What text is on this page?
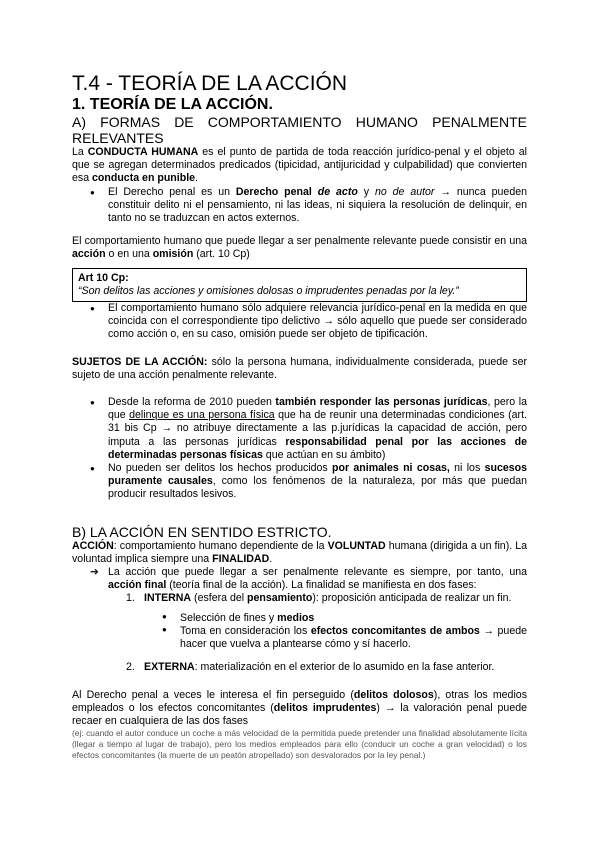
T.4 - TEORÍA DE LA ACCIÓN
1. TEORÍA DE LA ACCIÓN.
A) FORMAS DE COMPORTAMIENTO HUMANO PENALMENTE
RELEVANTES

La CONDUCTA HUMANA es el punto de partida de toda reacción jurídico-penal y el objeto al que se agregan determinados predicados (tipicidad, antijuricidad y culpabilidad) que convierten esa conducta en punible.

● El Derecho penal es un Derecho penal de acto y no de autor → nunca pueden constituir delito ni el pensamiento, ni las ideas, ni siquiera la resolución de delinquir, en tanto no se traduzcan en actos externos.

El comportamiento humano que puede llegar a ser penalmente relevante puede consistir en una acción o en una omisión (art. 10 Cp)

Art 10 Cp:

“Son delitos las acciones y omisiones dolosas o imprudentes penadas por la ley.”

● El comportamiento humano sólo adquiere relevancia jurídico-penal en la medida en que coincida con el correspondiente tipo delictivo → sólo aquello que puede ser considerado como acción o, en su caso, omisión puede ser objeto de tipificación.

SUJETOS DE LA ACCIÓN: sólo la persona humana, individualmente considerada, puede ser sujeto de una acción penalmente relevante.

● Desde la reforma de 2010 pueden también responder las personas jurídicas, pero la que delinque es una persona física que ha de reunir una determinadas condiciones (art. 31 bis Cp → no atribuye directamente a las p.jurídicas la capacidad de acción, pero imputa a las personas jurídicas responsabilidad penal por las acciones de determinadas personas físicas que actúan en su ámbito)
● No pueden ser delitos los hechos producidos por animales ni cosas, ni los sucesos puramente causales, como los fenómenos de la naturaleza, por más que puedan producir resultados lesivos.
B) LA ACCIÓN EN SENTIDO ESTRICTO.

ACCIÓN: comportamiento humano dependiente de la VOLUNTAD humana (dirigida a un fin). La voluntad implica siempre una FINALIDAD.

➔ La acción que puede llegar a ser penalmente relevante es siempre, por tanto, una acción final (teoría final de la acción). La finalidad se manifiesta en dos fases:

1. INTERNA (esfera del pensamiento): proposición anticipada de realizar un fin.

● Selección de fines y medios

● Toma en consideración los efectos concomitantes de ambos → puede hacer que vuelva a plantearse cómo y sí hacerlo.

2. EXTERNA: materialización en el exterior de lo asumido en la fase anterior.

Al Derecho penal a veces le interesa el fin perseguido (delitos dolosos), otras los medios empleados o los efectos concomitantes (delitos imprudentes) → la valoración penal puede recaer en cualquiera de las dos fases

(ej: cuando el autor conduce un coche a más velocidad de la permitida puede pretender una finalidad absolutamente lícita (llegar a tiempo al lugar de trabajo), pero los medios empleados para ello (conducir un coche a gran velocidad) o los efectos concomitantes (la muerte de un peatón atropellado) son desvalorados por la ley penal.)
